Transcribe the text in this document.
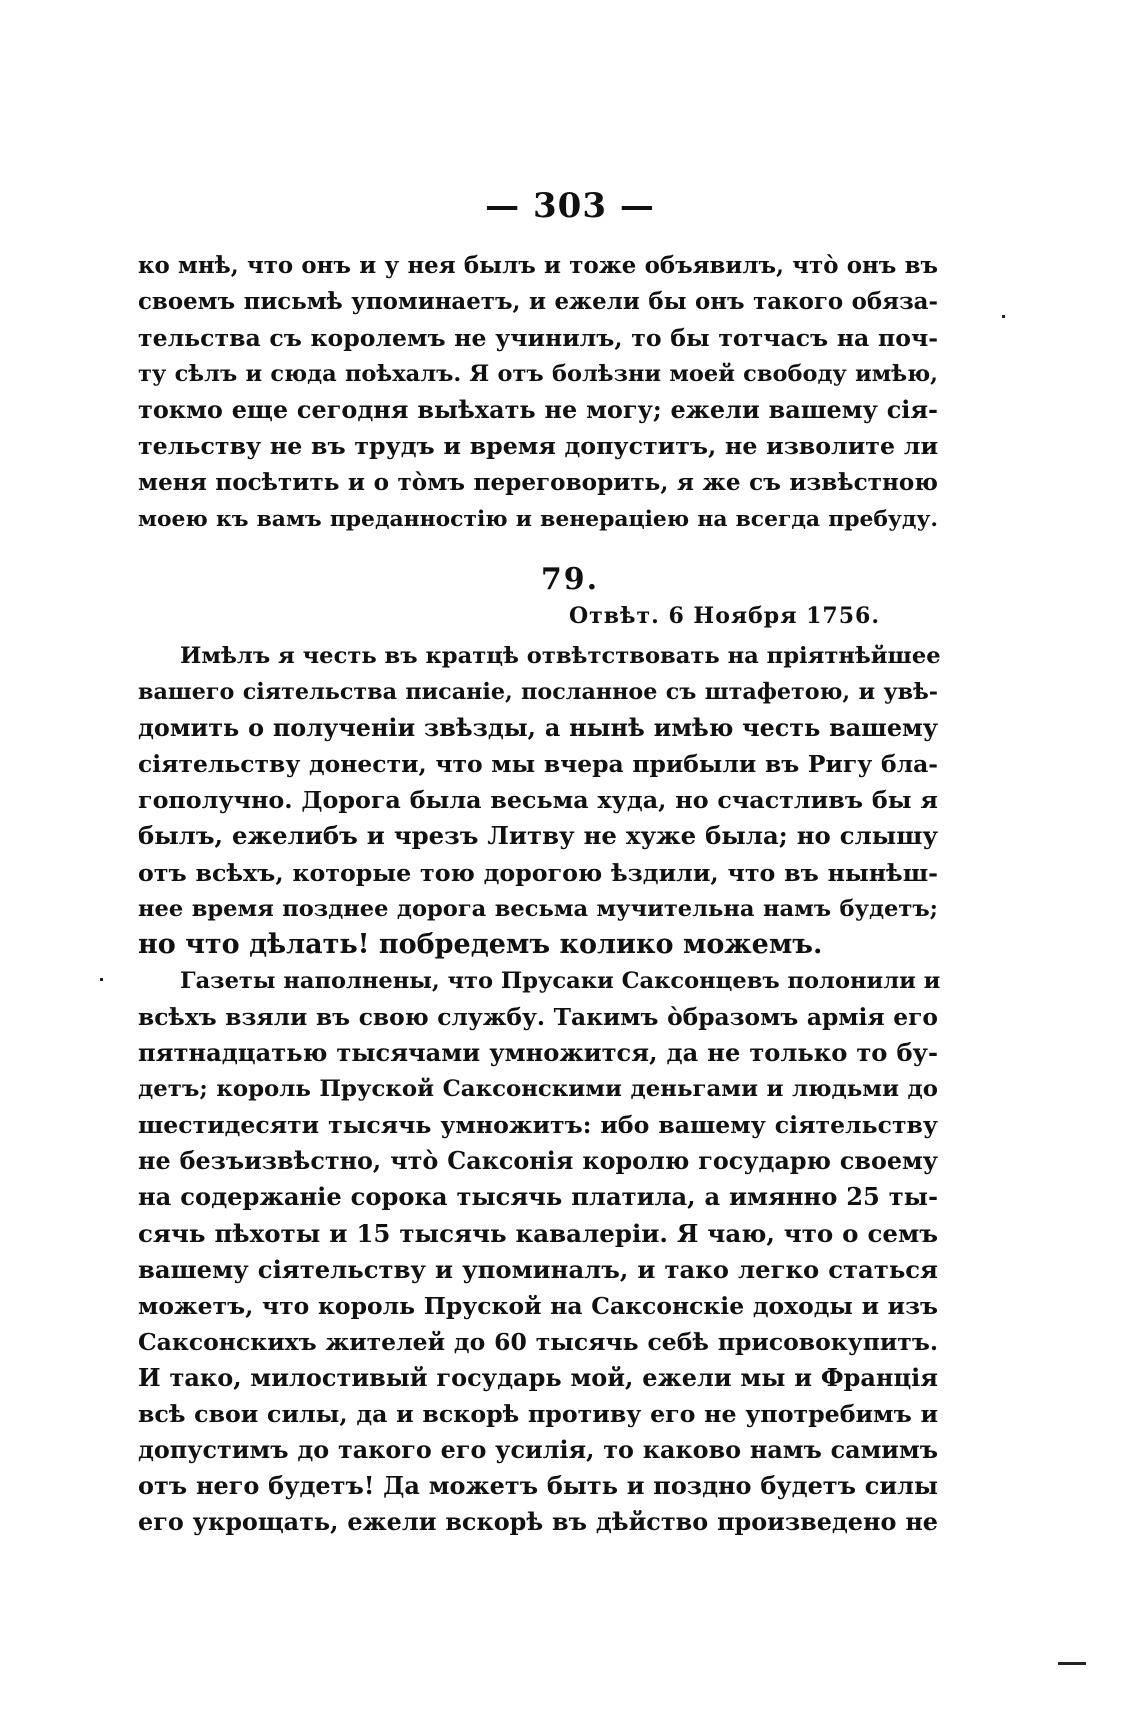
— 303 —
ко мнѣ, что онъ и у нея былъ и тоже объявилъ, что̀ онъ въ
своемъ письмѣ упоминаетъ, и ежели бы онъ такого обяза-
тельства съ королемъ не учинилъ, то бы тотчасъ на поч-
ту сѣлъ и сюда поѣхалъ. Я отъ болѣзни моей свободу имѣю,
токмо еще сегодня выѣхать не могу; ежели вашему сія-
тельству не въ трудъ и время допуститъ, не изволите ли
меня посѣтить и о то̀мъ переговорить, я же съ извѣстною
моею къ вамъ преданностію и венераціею на всегда пребуду.
79.
Отвѣт. 6 Ноября 1756.
Имѣлъ я честь въ кратцѣ отвѣтствовать на пріятнѣйшее
вашего сіятельства писаніе, посланное съ штафетою, и увѣ-
домить о полученіи звѣзды, а нынѣ имѣю честь вашему
сіятельству донести, что мы вчера прибыли въ Ригу бла-
гополучно. Дорога была весьма худа, но счастливъ бы я
былъ, ежелибъ и чрезъ Литву не хуже была; но слышу
отъ всѣхъ, которые тою дорогою ѣздили, что въ нынѣш-
нее время позднее дорога весьма мучительна намъ будетъ;
но что дѣлать! побредемъ колико можемъ.
Газеты наполнены, что Прусаки Саксонцевъ полонили и
всѣхъ взяли въ свою службу. Такимъ о̀бразомъ армія его
пятнадцатью тысячами умножится, да не только то бу-
детъ; король Пруской Саксонскими деньгами и людьми до
шестидесяти тысячь умножитъ: ибо вашему сіятельству
не безъизвѣстно, что̀ Саксонія королю государю своему
на содержаніе сорока тысячь платила, а имянно 25 ты-
сячь пѣхоты и 15 тысячь кавалеріи. Я чаю, что о семъ
вашему сіятельству и упоминалъ, и тако легко статься
можетъ, что король Пруской на Саксонскіе доходы и изъ
Саксонскихъ жителей до 60 тысячь себѣ присовокупитъ.
И тако, милостивый государь мой, ежели мы и Франція
всѣ свои силы, да и вскорѣ противу его не употребимъ и
допустимъ до такого его усилія, то каково намъ самимъ
отъ него будетъ! Да можетъ быть и поздно будетъ силы
его укрощать, ежели вскорѣ въ дѣйство произведено не
